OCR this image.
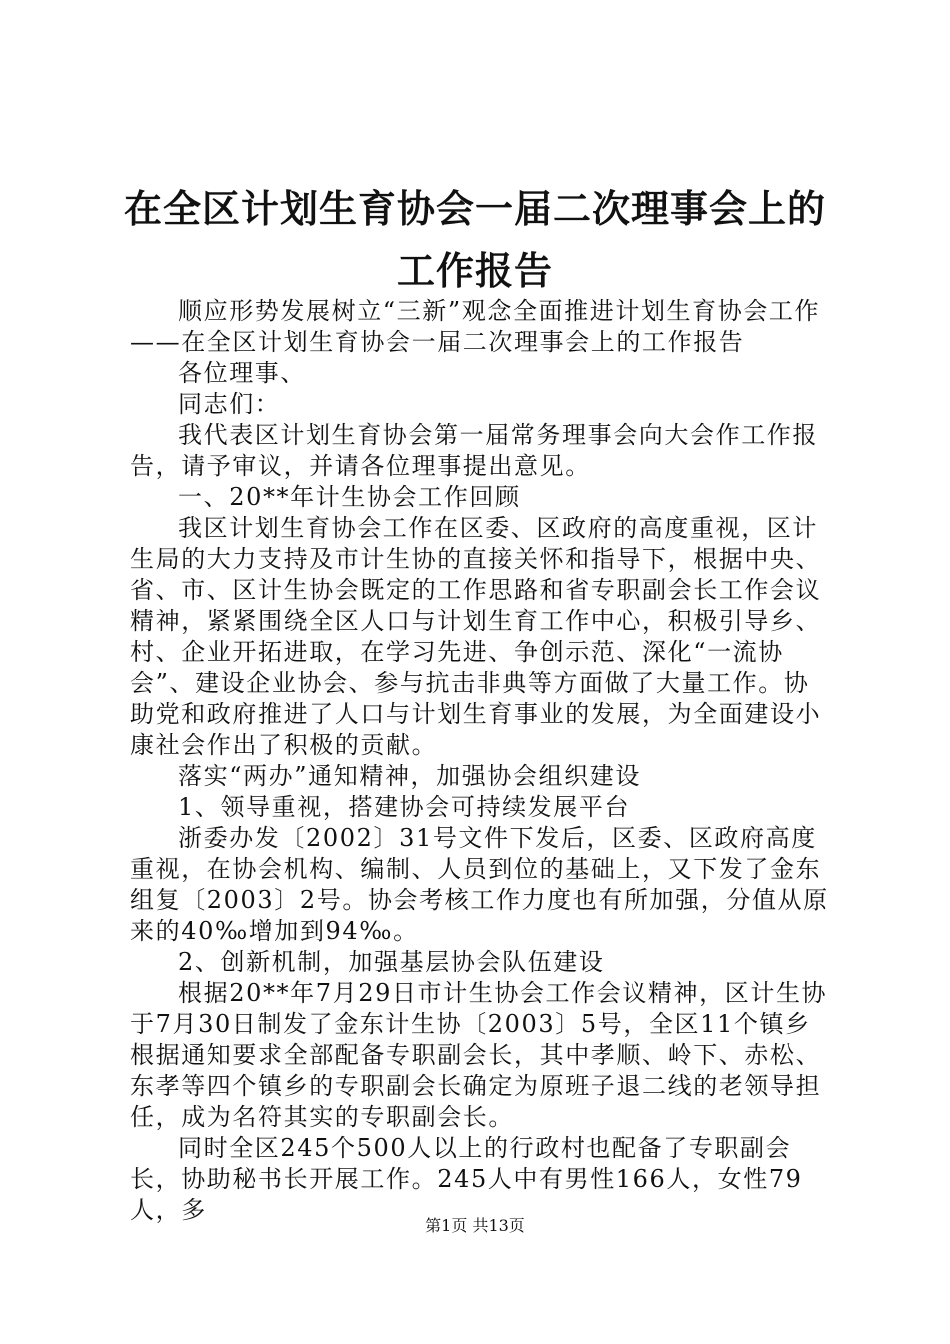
在全区计划生育协会一届二次理事会上的工作报告

顺应形势发展树立“三新”观念全面推进计划生育协会工作——在全区计划生育协会一届二次理事会上的工作报告

各位理事、

同志们：

我代表区计划生育协会第一届常务理事会向大会作工作报告，请予审议，并请各位理事提出意见。

一、20**年计生协会工作回顾

我区计划生育协会工作在区委、区政府的高度重视，区计生局的大力支持及市计生协的直接关怀和指导下，根据中央、省、市、区计生协会既定的工作思路和省专职副会长工作会议精神，紧紧围绕全区人口与计划生育工作中心，积极引导乡、村、企业开拓进取，在学习先进、争创示范、深化“一流协会”、建设企业协会、参与抗击非典等方面做了大量工作。协助党和政府推进了人口与计划生育事业的发展，为全面建设小康社会作出了积极的贡献。

落实“两办”通知精神，加强协会组织建设

1、领导重视，搭建协会可持续发展平台

浙委办发〔2002〕31号文件下发后，区委、区政府高度重视，在协会机构、编制、人员到位的基础上，又下发了金东组复〔2003〕2号。协会考核工作力度也有所加强，分值从原来的40‰增加到94‰。

2、创新机制，加强基层协会队伍建设

根据20**年7月29日市计生协会工作会议精神，区计生协于7月30日制发了金东计生协〔2003〕5号，全区11个镇乡根据通知要求全部配备专职副会长，其中孝顺、岭下、赤松、东孝等四个镇乡的专职副会长确定为原班子退二线的老领导担任，成为名符其实的专职副会长。

同时全区245个500人以上的行政村也配备了专职副会长，协助秘书长开展工作。245人中有男性166人，女性79人，多

第1页 共13页
